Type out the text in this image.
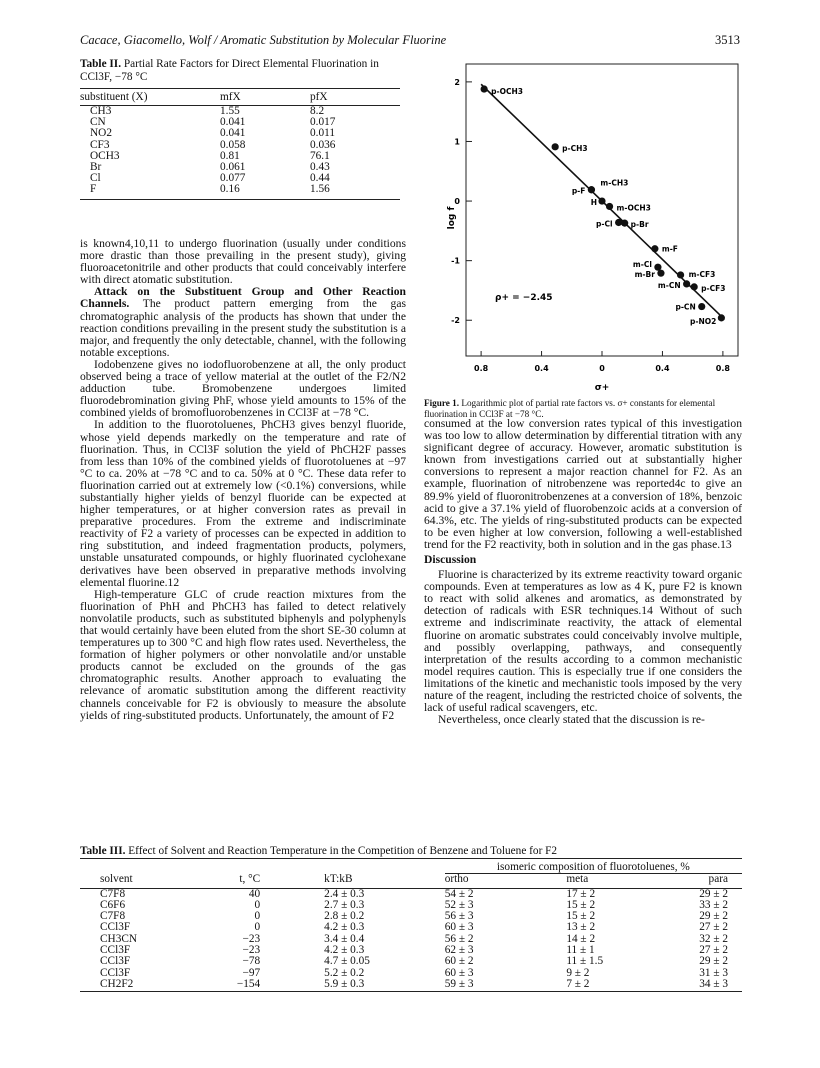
Cacace, Giacomello, Wolf / Aromatic Substitution by Molecular Fluorine	3513
Table II. Partial Rate Factors for Direct Elemental Fluorination in CCl3F, −78 °C
substituent (X)	mfX	pfX
CH3	1.55	8.2
CN	0.041	0.017
NO2	0.041	0.011
CF3	0.058	0.036
OCH3	0.81	76.1
Br	0.061	0.43
Cl	0.077	0.44
F	0.16	1.56

is known4,10,11 to undergo fluorination (usually under conditions more drastic than those prevailing in the present study), giving fluoroacetonitrile and other products that could conceivably interfere with direct atomatic substitution.

Attack on the Substituent Group and Other Reaction Channels. The product pattern emerging from the gas chromatographic analysis of the products has shown that under the reaction conditions prevailing in the present study the substitution is a major, and frequently the only detectable, channel, with the following notable exceptions.

Iodobenzene gives no iodofluorobenzene at all, the only product observed being a trace of yellow material at the outlet of the F2/N2 adduction tube. Bromobenzene undergoes limited fluorodebromination giving PhF, whose yield amounts to 15% of the combined yields of bromofluorobenzenes in CCl3F at −78 °C.

In addition to the fluorotoluenes, PhCH3 gives benzyl fluoride, whose yield depends markedly on the temperature and rate of fluorination. Thus, in CCl3F solution the yield of PhCH2F passes from less than 10% of the combined yields of fluorotoluenes at −97 °C to ca. 20% at −78 °C and to ca. 50% at 0 °C. These data refer to fluorination carried out at extremely low (<0.1%) conversions, while substantially higher yields of benzyl fluoride can be expected at higher temperatures, or at higher conversion rates as prevail in preparative procedures. From the extreme and indiscriminate reactivity of F2 a variety of processes can be expected in addition to ring substitution, and indeed fragmentation products, polymers, unstable unsaturated compounds, or highly fluorinated cyclohexane derivatives have been observed in preparative methods involving elemental fluorine.12

High-temperature GLC of crude reaction mixtures from the fluorination of PhH and PhCH3 has failed to detect relatively nonvolatile products, such as substituted biphenyls and polyphenyls that would certainly have been eluted from the short SE-30 column at temperatures up to 300 °C and high flow rates used. Nevertheless, the formation of higher polymers or other nonvolatile and/or unstable products cannot be excluded on the grounds of the gas chromatographic results. Another approach to evaluating the relevance of aromatic substitution among the different reactivity channels conceivable for F2 is obviously to measure the absolute yields of ring-substituted products. Unfortunately, the amount of F2

0.8	0.4	0	0.4	0.8
2
1
0
-1
-2
p-OCH3
p-CH3
p-F
m-CH3
H
m-OCH3
p-Cl p-Br
m-F
m-Cl
m-Br	m-CF3
m-CN	p-CF3
p-CN
p-NO2
log f
σ+
ρ+ = −2.45
Figure 1. Logarithmic plot of partial rate factors vs. σ+ constants for elemental fluorination in CCl3F at −78 °C.

consumed at the low conversion rates typical of this investigation was too low to allow determination by differential titration with any significant degree of accuracy. However, aromatic substitution is known from investigations carried out at substantially higher conversions to represent a major reaction channel for F2. As an example, fluorination of nitrobenzene was reported4c to give an 89.9% yield of fluoronitrobenzenes at a conversion of 18%, benzoic acid to give a 37.1% yield of fluorobenzoic acids at a conversion of 64.3%, etc. The yields of ring-substituted products can be expected to be even higher at low conversion, following a well-established trend for the F2 reactivity, both in solution and in the gas phase.13

Discussion

Fluorine is characterized by its extreme reactivity toward organic compounds. Even at temperatures as low as 4 K, pure F2 is known to react with solid alkenes and aromatics, as demonstrated by detection of radicals with ESR techniques.14 Without of such extreme and indiscriminate reactivity, the attack of elemental fluorine on aromatic substrates could conceivably involve multiple, and possibly overlapping, pathways, and consequently interpretation of the results according to a common mechanistic model requires caution. This is especially true if one considers the limitations of the kinetic and mechanistic tools imposed by the very nature of the reagent, including the restricted choice of solvents, the lack of useful radical scavengers, etc.

Nevertheless, once clearly stated that the discussion is re-

Table III. Effect of Solvent and Reaction Temperature in the Competition of Benzene and Toluene for F2
			isomeric composition of fluorotoluenes, %		
solvent	t, °C	kT:kB	ortho	meta	para
C7F8	40	2.4 ± 0.3	54 ± 2	17 ± 2	29 ± 2
C6F6	0	2.7 ± 0.3	52 ± 3	15 ± 2	33 ± 2
C7F8	0	2.8 ± 0.2	56 ± 3	15 ± 2	29 ± 2
CCl3F	0	4.2 ± 0.3	60 ± 3	13 ± 2	27 ± 2
CH3CN	−23	3.4 ± 0.4	56 ± 2	14 ± 2	32 ± 2
CCl3F	−23	4.2 ± 0.3	62 ± 3	11 ± 1	27 ± 2
CCl3F	−78	4.7 ± 0.05	60 ± 2	11 ± 1.5	29 ± 2
CCl3F	−97	5.2 ± 0.2	60 ± 3	9 ± 2	31 ± 3
CH2F2	−154	5.9 ± 0.3	59 ± 3	7 ± 2	34 ± 3
